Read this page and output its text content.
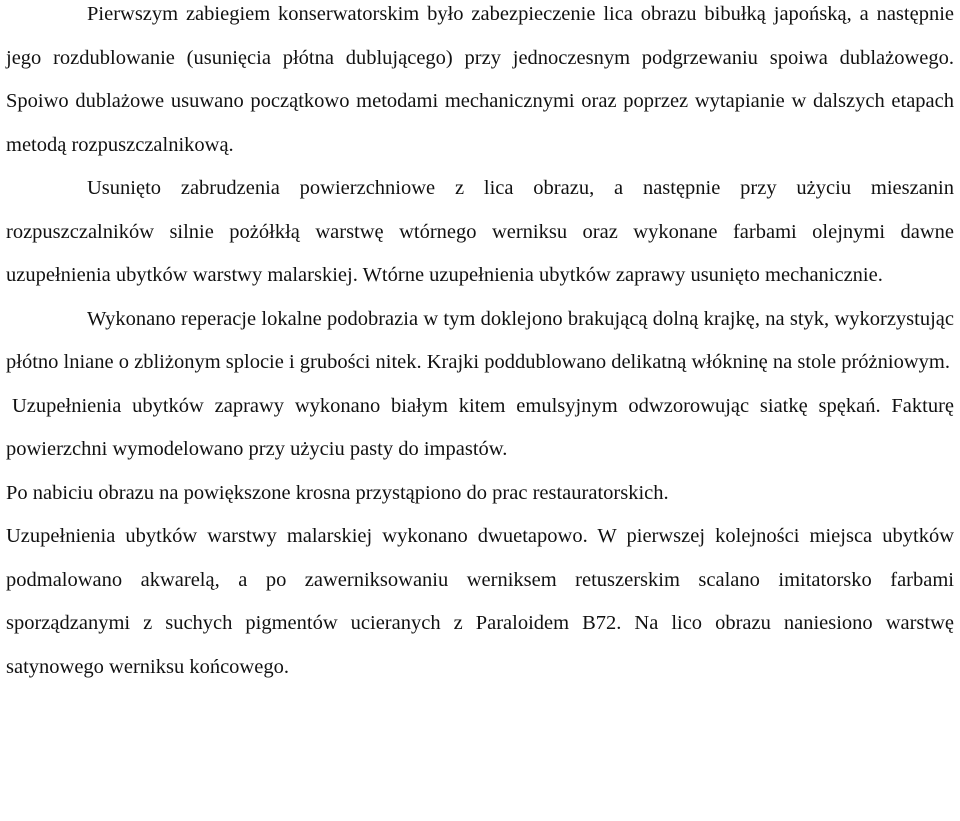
Pierwszym zabiegiem konserwatorskim było zabezpieczenie lica obrazu bibułką japońską, a następnie jego rozdublowanie (usunięcia płótna dublującego) przy jednoczesnym podgrzewaniu spoiwa dublażowego. Spoiwo dublażowe usuwano początkowo metodami mechanicznymi oraz poprzez wytapianie w dalszych etapach metodą rozpuszczalnikową.

Usunięto zabrudzenia powierzchniowe z lica obrazu, a następnie przy użyciu mieszanin rozpuszczalników silnie pożółkłą warstwę wtórnego werniksu oraz wykonane farbami olejnymi dawne uzupełnienia ubytków warstwy malarskiej. Wtórne uzupełnienia ubytków zaprawy usunięto mechanicznie.

Wykonano reperacje lokalne podobrazia w tym doklejono brakującą dolną krajkę, na styk, wykorzystując płótno lniane o zbliżonym splocie i grubości nitek. Krajki poddublowano delikatną włókninę na stole próżniowym.

Uzupełnienia ubytków zaprawy wykonano białym kitem emulsyjnym odwzorowując siatkę spękań. Fakturę powierzchni wymodelowano przy użyciu pasty do impastów.

Po nabiciu obrazu na powiększone krosna przystąpiono do prac restauratorskich.

Uzupełnienia ubytków warstwy malarskiej wykonano dwuetapowo. W pierwszej kolejności miejsca ubytków podmalowano akwarelą, a po zawerniksowaniu werniksem retuszerskim scalano imitatorsko farbami sporządzanymi z suchych pigmentów ucieranych z Paraloidem B72. Na lico obrazu naniesiono warstwę satynowego werniksu końcowego.
